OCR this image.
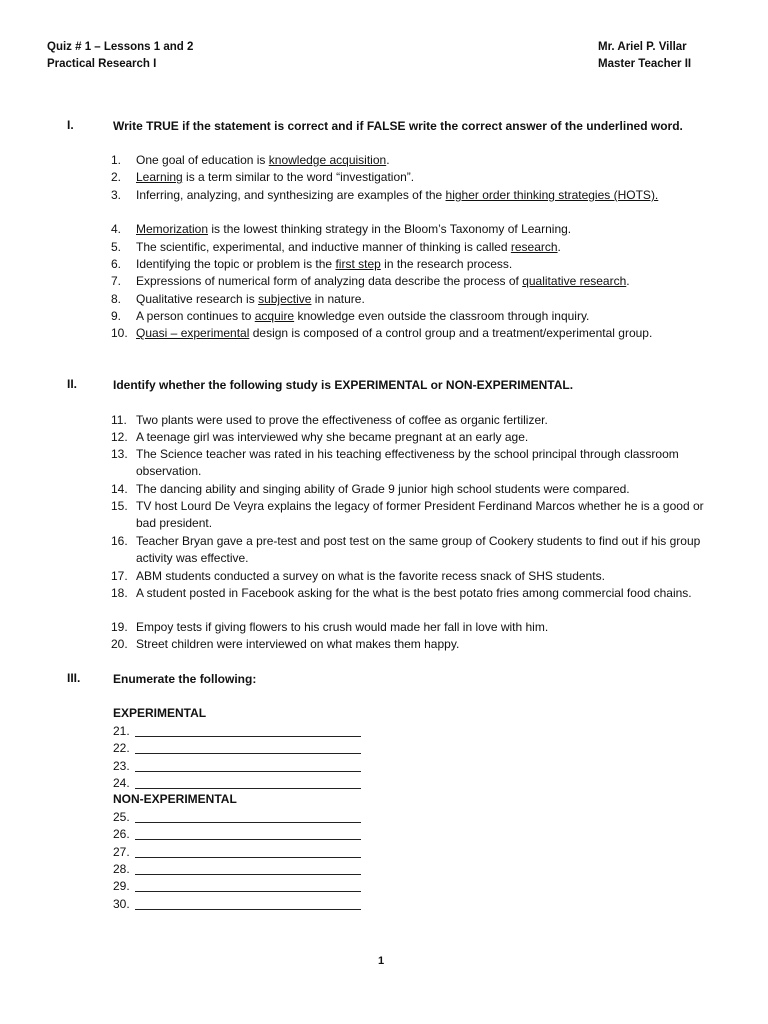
Quiz # 1 – Lessons 1 and 2
Practical Research I
Mr. Ariel P. Villar
Master Teacher II
I.	Write TRUE if the statement is correct and if FALSE write the correct answer of the underlined word.
1.	One goal of education is knowledge acquisition.
2.	Learning is a term similar to the word “investigation”.
3.	Inferring, analyzing, and synthesizing are examples of the higher order thinking strategies (HOTS).
4.	Memorization is the lowest thinking strategy in the Bloom’s Taxonomy of Learning.
5.	The scientific, experimental, and inductive manner of thinking is called research.
6.	Identifying the topic or problem is the first step in the research process.
7.	Expressions of numerical form of analyzing data describe the process of qualitative research.
8.	Qualitative research is subjective in nature.
9.	A person continues to acquire knowledge even outside the classroom through inquiry.
10. Quasi – experimental design is composed of a control group and a treatment/experimental group.
II.	Identify whether the following study is EXPERIMENTAL or NON-EXPERIMENTAL.
11. Two plants were used to prove the effectiveness of coffee as organic fertilizer.
12. A teenage girl was interviewed why she became pregnant at an early age.
13. The Science teacher was rated in his teaching effectiveness by the school principal through classroom observation.
14. The dancing ability and singing ability of Grade 9 junior high school students were compared.
15. TV host Lourd De Veyra explains the legacy of former President Ferdinand Marcos whether he is a good or bad president.
16. Teacher Bryan gave a pre-test and post test on the same group of Cookery students to find out if his group activity was effective.
17. ABM students conducted a survey on what is the favorite recess snack of SHS students.
18. A student posted in Facebook asking for the what is the best potato fries among commercial food chains.
19. Empoy tests if giving flowers to his crush would made her fall in love with him.
20. Street children were interviewed on what makes them happy.
III.	Enumerate the following:
EXPERIMENTAL
21.
22.
23.
24.
NON-EXPERIMENTAL
25.
26.
27.
28.
29.
30.
1
